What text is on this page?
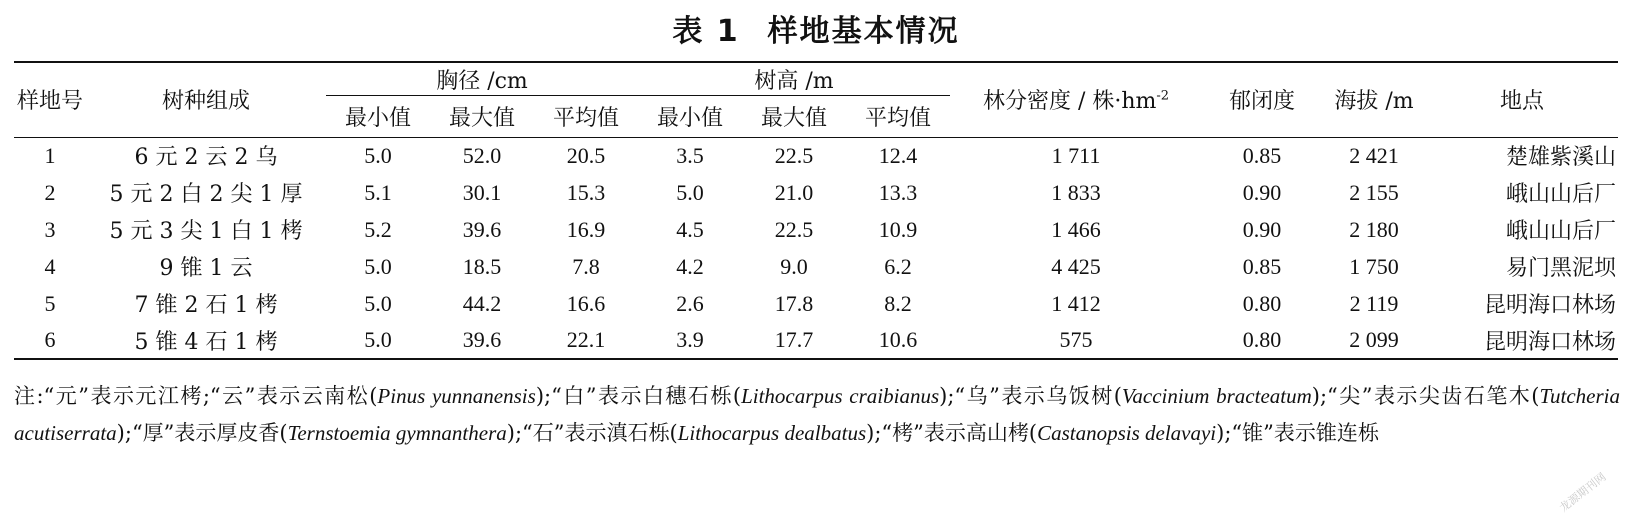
表 1 样地基本情况
样地号	树种组成	胸径 /cm			树高 /m			林分密度 / 株$\cdot hm^{-2}$	郁闭度	海拔 /m	地点
		最小值	最大值	平均值	最小值	最大值	平均值				
1	6 元 2 云 2 乌	5.0	52.0	20.5	3.5	22.5	12.4	1 711	0.85	2 421	楚雄紫溪山
2	5 元 2 白 2 尖 1 厚	5.1	30.1	15.3	5.0	21.0	13.3	1 833	0.90	2 155	峨山山后厂
3	5 元 3 尖 1 白 1 栲	5.2	39.6	16.9	4.5	22.5	10.9	1 466	0.90	2 180	峨山山后厂
4	9 锥 1 云	5.0	18.5	7.8	4.2	9.0	6.2	4 425	0.85	1 750	易门黑泥坝
5	7 锥 2 石 1 栲	5.0	44.2	16.6	2.6	17.8	8.2	1 412	0.80	2 119	昆明海口林场
6	5 锥 4 石 1 栲	5.0	39.6	22.1	3.9	17.7	10.6	575	0.80	2 099	昆明海口林场
注:“元”表示元江栲;“云”表示云南松(Pinus yunnanensis);“白”表示白穗石栎(Lithocarpus craibianus);“乌”表示乌饭树(Vaccinium bracteatum);“尖”表示尖齿石笔木(Tutcheria acutiserrata);“厚”表示厚皮香(Ternstoemia gymnanthera);“石”表示滇石栎(Lithocarpus dealbatus);“栲”表示高山栲(Castanopsis delavayi);“锥”表示锥连栎
龙源期刊网
